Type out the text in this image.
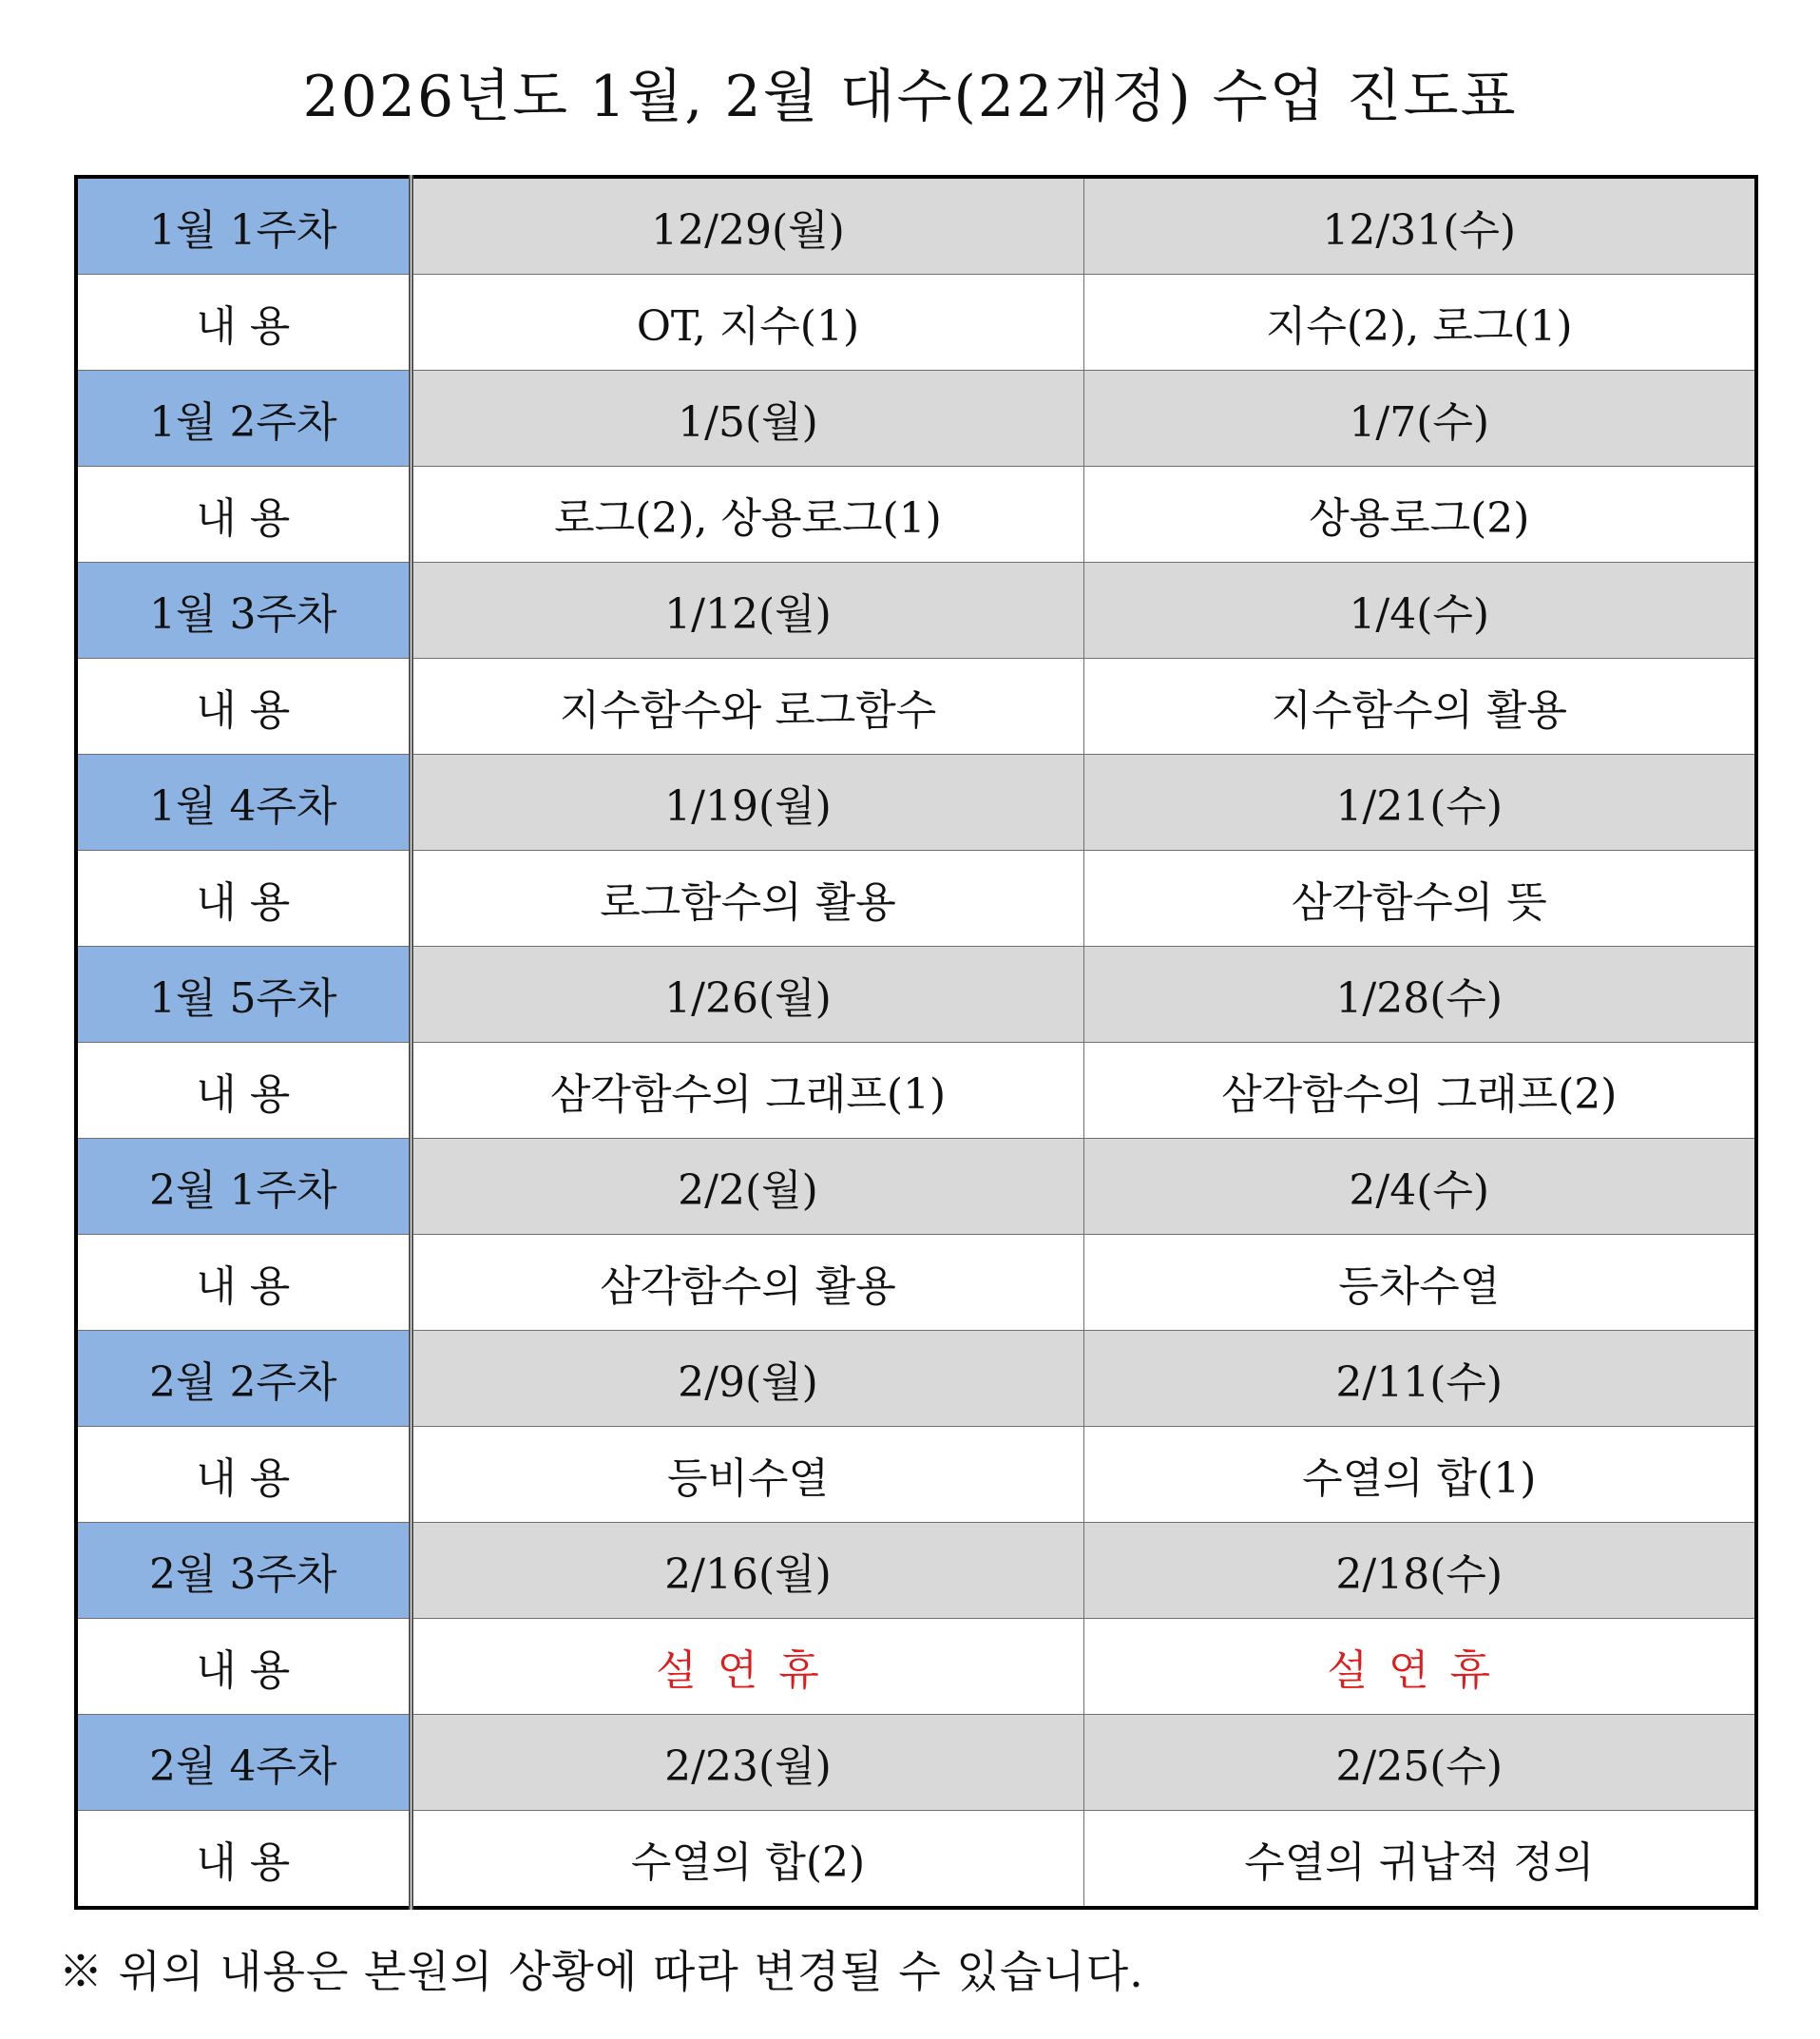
2026년도 1월, 2월 대수(22개정) 수업 진도표
1월 1주차	12/29(월)	12/31(수)
내 용	OT, 지수(1)	지수(2), 로그(1)
1월 2주차	1/5(월)	1/7(수)
내 용	로그(2), 상용로그(1)	상용로그(2)
1월 3주차	1/12(월)	1/4(수)
내 용	지수함수와 로그함수	지수함수의 활용
1월 4주차	1/19(월)	1/21(수)
내 용	로그함수의 활용	삼각함수의 뜻
1월 5주차	1/26(월)	1/28(수)
내 용	삼각함수의 그래프(1)	삼각함수의 그래프(2)
2월 1주차	2/2(월)	2/4(수)
내 용	삼각함수의 활용	등차수열
2월 2주차	2/9(월)	2/11(수)
내 용	등비수열	수열의 합(1)
2월 3주차	2/16(월)	2/18(수)
내 용	설연휴	설연휴
2월 4주차	2/23(월)	2/25(수)
내 용	수열의 합(2)	수열의 귀납적 정의
※ 위의 내용은 본원의 상황에 따라 변경될 수 있습니다.
